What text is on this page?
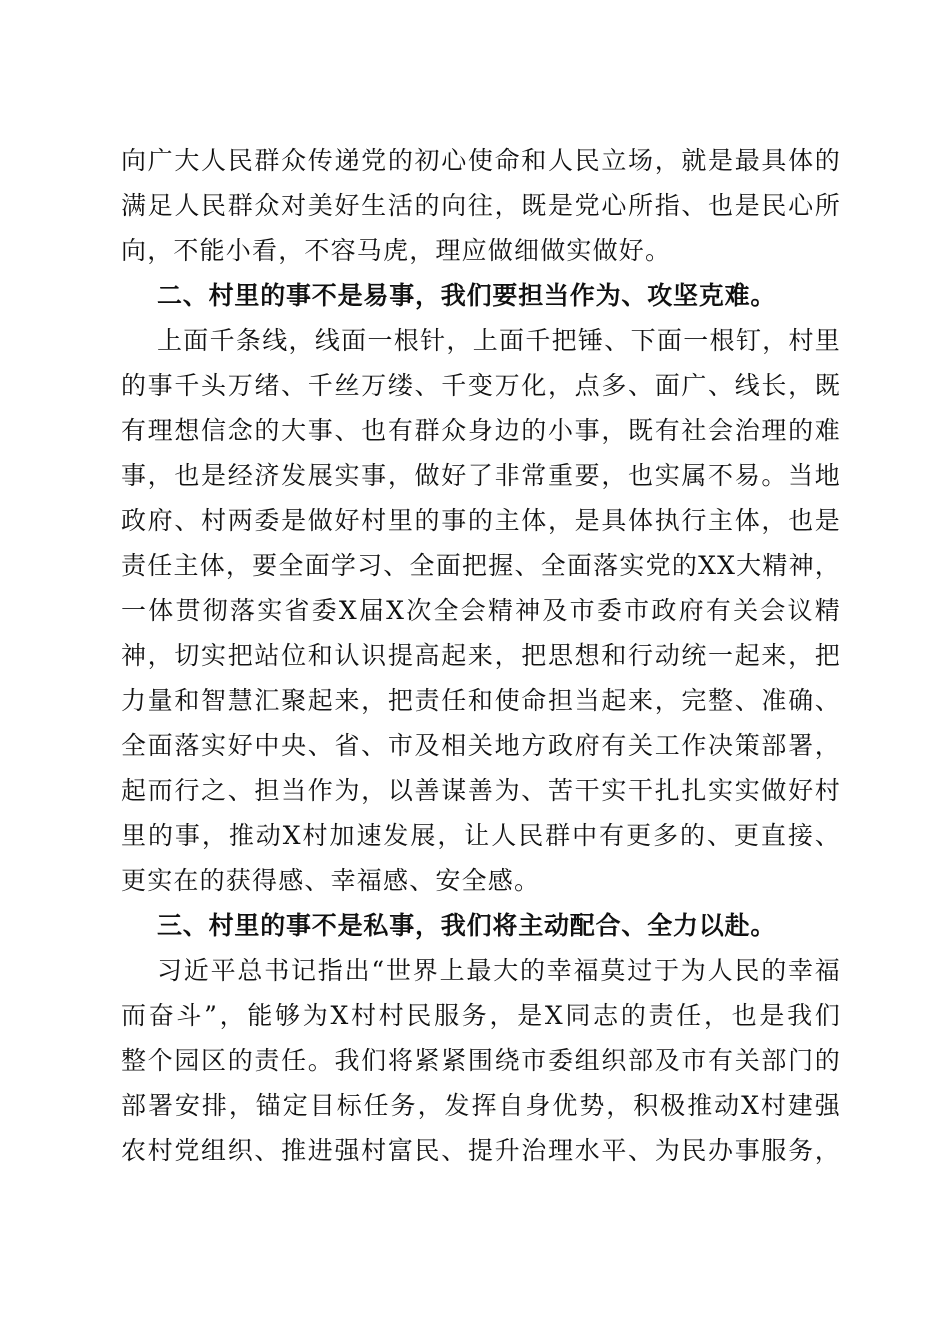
向广大人民群众传递党的初心使命和人民立场，就是最具体的
满足人民群众对美好生活的向往，既是党心所指、也是民心所
向，不能小看，不容马虎，理应做细做实做好。
二、村里的事不是易事，我们要担当作为、攻坚克难。
上面千条线，线面一根针，上面千把锤、下面一根钉，村里
的事千头万绪、千丝万缕、千变万化，点多、面广、线长，既
有理想信念的大事、也有群众身边的小事，既有社会治理的难
事，也是经济发展实事，做好了非常重要，也实属不易。当地
政府、村两委是做好村里的事的主体，是具体执行主体，也是
责任主体，要全面学习、全面把握、全面落实党的XX大精神，
一体贯彻落实省委X届X次全会精神及市委市政府有关会议精
神，切实把站位和认识提高起来，把思想和行动统一起来，把
力量和智慧汇聚起来，把责任和使命担当起来，完整、准确、
全面落实好中央、省、市及相关地方政府有关工作决策部署，
起而行之、担当作为，以善谋善为、苦干实干扎扎实实做好村
里的事，推动X村加速发展，让人民群中有更多的、更直接、
更实在的获得感、幸福感、安全感。
三、村里的事不是私事，我们将主动配合、全力以赴。
习近平总书记指出“世界上最大的幸福莫过于为人民的幸福
而奋斗”，能够为X村村民服务，是X同志的责任，也是我们
整个园区的责任。我们将紧紧围绕市委组织部及市有关部门的
部署安排，锚定目标任务，发挥自身优势，积极推动X村建强
农村党组织、推进强村富民、提升治理水平、为民办事服务，
